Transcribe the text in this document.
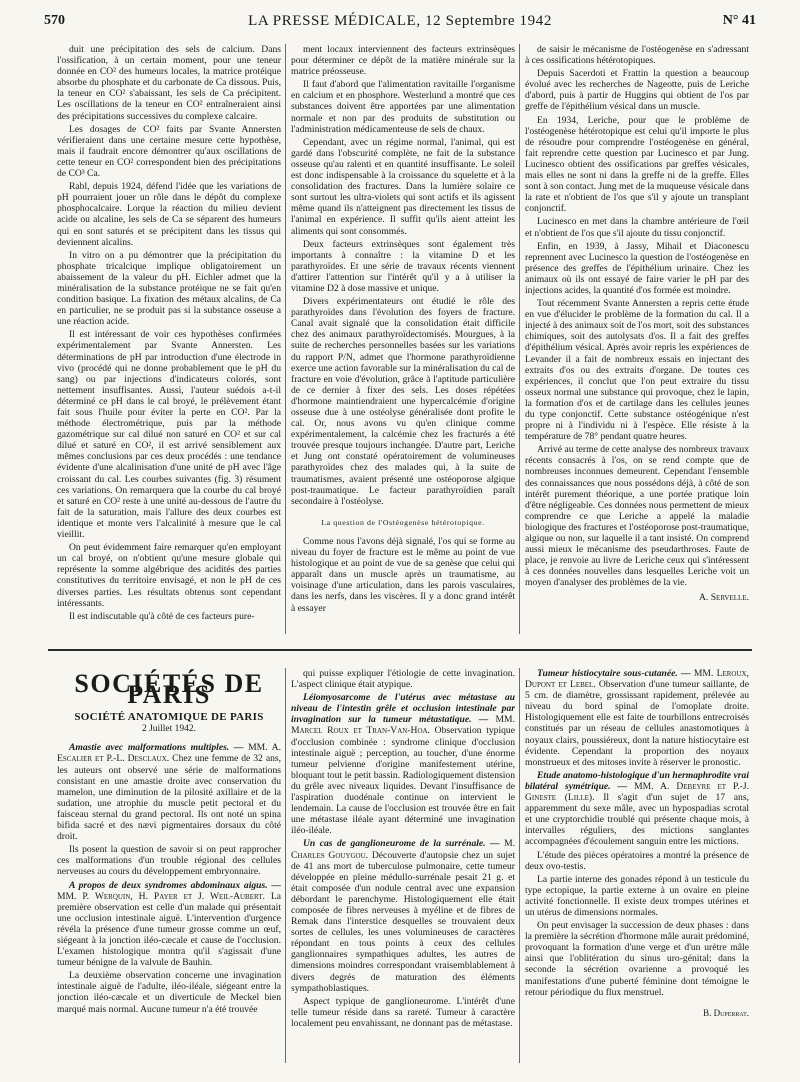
570	LA PRESSE MÉDICALE, 12 Septembre 1942	N° 41

duit une précipitation des sels de calcium. Dans l'ossification, à un certain moment, pour une teneur donnée en CO² des humeurs locales, la matrice protéique absorbe du phosphate et du carbonate de Ca dissous. Puis, la teneur en CO² s'abaissant, les sels de Ca précipitent. Les oscillations de la teneur en CO² entraîneraient ainsi des précipitations successives du complexe calcaire.

Les dosages de CO² faits par Svante Annersten vérifieraient dans une certaine mesure cette hypothèse, mais il faudrait encore démontrer qu'aux oscillations de cette teneur en CO² correspondent bien des précipitations de CO³ Ca.

Rabl, depuis 1924, défend l'idée que les variations de pH pourraient jouer un rôle dans le dépôt du complexe phosphocalcaire. Lorque la réaction du milieu devient acide ou alcaline, les sels de Ca se séparent des humeurs qui en sont saturés et se précipitent dans les tissus qui deviennent alcalins.

In vitro on a pu démontrer que la précipitation du phosphate tricalcique implique obligatoirement un abaissement de la valeur du pH. Eichler admet que la minéralisation de la substance protéique ne se fait qu'en condition basique. La fixation des métaux alcalins, de Ca en particulier, ne se produit pas si la substance osseuse a une réaction acide.

Il est intéressant de voir ces hypothèses confirmées expérimentalement par Svante Annersten. Les déterminations de pH par introduction d'une électrode in vivo (procédé qui ne donne probablement que le pH du sang) ou par injections d'indicateurs colorés, sont nettement insuffisantes. Aussi, l'auteur suédois a-t-il déterminé ce pH dans le cal broyé, le prélèvement étant fait sous l'huile pour éviter la perte en CO². Par la méthode électrométrique, puis par la méthode gazométrique sur cal dilué non saturé en CO² et sur cal dilué et saturé en CO², il est arrivé sensiblement aux mêmes conclusions par ces deux procédés : une tendance évidente d'une alcalinisation d'une unité de pH avec l'âge croissant du cal. Les courbes suivantes (fig. 3) résument ces variations. On remarquera que la courbe du cal broyé et saturé en CO² reste à une unité au-dessous de l'autre du fait de la saturation, mais l'allure des deux courbes est identique et monte vers l'alcalinité à mesure que le cal vieillit.

On peut évidemment faire remarquer qu'en employant un cal broyé, on n'obtient qu'une mesure globale qui représente la somme algébrique des acidités des parties constitutives du territoire envisagé, et non le pH de ces diverses parties. Les résultats obtenus sont cependant intéressants.

Il est indiscutable qu'à côté de ces facteurs pure-

ment locaux interviennent des facteurs extrinsèques pour déterminer ce dépôt de la matière minérale sur la matrice préosseuse.

Il faut d'abord que l'alimentation ravitaille l'organisme en calcium et en phosphore. Westerlund a montré que ces substances doivent être apportées par une alimentation normale et non par des produits de substitution ou l'administration médicamenteuse de sels de chaux.

Cependant, avec un régime normal, l'animal, qui est gardé dans l'obscurité complète, ne fait de la substance osseuse qu'au ralenti et en quantité insuffisante. Le soleil est donc indispensable à la croissance du squelette et à la consolidation des fractures. Dans la lumière solaire ce sont surtout les ultra-violets qui sont actifs et ils agissent même quand ils n'atteignent pas directement les tissus de l'animal en expérience. Il suffit qu'ils aient atteint les aliments qui sont consommés.

Deux facteurs extrinsèques sont également très importants à connaître : la vitamine D et les parathyroïdes. Et une série de travaux récents viennent d'attirer l'attention sur l'intérêt qu'il y a à utiliser la vitamine D2 à dose massive et unique.

Divers expérimentateurs ont étudié le rôle des parathyroïdes dans l'évolution des foyers de fracture. Canal avait signalé que la consolidation était difficile chez des animaux parathyroïdectomisés. Mourgues, à la suite de recherches personnelles basées sur les variations du rapport P/N, admet que l'hormone parathyroïdienne exerce une action favorable sur la minéralisation du cal de fracture en voie d'évolution, grâce à l'aptitude particulière de ce dernier à fixer des sels. Les doses répétées d'hormone maintiendraient une hypercalcémie d'origine osseuse due à une ostéolyse généralisée dont profite le cal. Or, nous avons vu qu'en clinique comme expérimentalement, la calcémie chez les fracturés a été trouvée presque toujours inchangée. D'autre part, Leriche et Jung ont constaté opératoirement de volumineuses parathyroïdes chez des malades qui, à la suite de traumatismes, avaient présenté une ostéoporose algique post-traumatique. Le facteur parathyroïdien paraît secondaire à l'ostéolyse.

La question de l'Ostéogenèse hétérotopique.

Comme nous l'avons déjà signalé, l'os qui se forme au niveau du foyer de fracture est le même au point de vue histologique et au point de vue de sa genèse que celui qui apparaît dans un muscle après un traumatisme, au voisinage d'une articulation, dans les parois vasculaires, dans les nerfs, dans les viscères. Il y a donc grand intérêt à essayer

de saisir le mécanisme de l'ostéogenèse en s'adressant à ces ossifications hétérotopiques.

Depuis Sacerdoti et Frattin la question a beaucoup évolué avec les recherches de Nageotte, puis de Leriche d'abord, puis à partir de Huggins qui obtient de l'os par greffe de l'épithélium vésical dans un muscle.

En 1934, Leriche, pour que le problème de l'ostéogenèse hétérotopique est celui qu'il importe le plus de résoudre pour comprendre l'ostéogenèse en général, fait reprendre cette question par Lucinesco et par Jung. Lucinesco obtient des ossifications par greffes vésicales, mais elles ne sont ni dans la greffe ni de la greffe. Elles sont à son contact. Jung met de la muqueuse vésicale dans la rate et n'obtient de l'os que s'il y ajoute un transplant conjonctif.

Lucinesco en met dans la chambre antérieure de l'œil et n'obtient de l'os que s'il ajoute du tissu conjonctif.

Enfin, en 1939, à Jassy, Mihail et Diaconescu reprennent avec Lucinesco la question de l'ostéogenèse en présence des greffes de l'épithélium urinaire. Chez les animaux où ils ont essayé de faire varier le pH par des injections acides, la quantité d'os formée est moindre.

Tout récemment Svante Annersten a repris cette étude en vue d'élucider le problème de la formation du cal. Il a injecté à des animaux soit de l'os mort, soit des substances chimiques, soit des autolysats d'os. Il a fait des greffes d'épithélium vésical. Après avoir repris les expériences de Levander il a fait de nombreux essais en injectant des extraits d'os ou des extraits d'organe. De toutes ces expériences, il conclut que l'on peut extraire du tissu osseux normal une substance qui provoque, chez le lapin, la formation d'os et de cartilage dans les cellules jeunes du type conjonctif. Cette substance ostéogénique n'est propre ni à l'individu ni à l'espèce. Elle résiste à la température de 78° pendant quatre heures.

Arrivé au terme de cette analyse des nombreux travaux récents consacrés à l'os, on se rend compte que de nombreuses inconnues demeurent. Cependant l'ensemble des connaissances que nous possédons déjà, à côté de son intérêt purement théorique, a une portée pratique loin d'être négligeable. Ces données nous permettent de mieux comprendre ce que Leriche a appelé la maladie biologique des fractures et l'ostéoporose post-traumatique, algique ou non, sur laquelle il a tant insisté. On comprend aussi mieux le mécanisme des pseudarthroses. Faute de place, je renvoie au livre de Leriche ceux qui s'intéressent à ces données nouvelles dans lesquelles Leriche voit un moyen d'analyser des problèmes de la vie.

A. Servelle.

SOCIÉTÉS DE PARIS
SOCIÉTÉ ANATOMIQUE DE PARIS
2 Juillet 1942.

Amastie avec malformations multiples. — MM. A. Escalier et P.-L. Desclaux. Chez une femme de 32 ans, les auteurs ont observé une série de malformations consistant en une amastie droite avec conservation du mamelon, une diminution de la pilosité axillaire et de la sudation, une atrophie du muscle petit pectoral et du faisceau sternal du grand pectoral. Ils ont noté un spina bifida sacré et des nævi pigmentaires dorsaux du côté droit.

Ils posent la question de savoir si on peut rapprocher ces malformations d'un trouble régional des cellules nerveuses au cours du développement embryonnaire.

A propos de deux syndromes abdominaux aigus. — MM. P. Werquin, H. Payer et J. Weil-Aubert. La première observation est celle d'un malade qui présentait une occlusion intestinale aiguë. L'intervention d'urgence révéla la présence d'une tumeur grosse comme un œuf, siégeant à la jonction iléo-cæcale et cause de l'occlusion. L'examen histologique montra qu'il s'agissait d'une tumeur bénigne de la valvule de Bauhin.

La deuxième observation concerne une invagination intestinale aiguë de l'adulte, iléo-iléale, siégeant entre la jonction iléo-cæcale et un diverticule de Meckel bien marqué mais normal. Aucune tumeur n'a été trouvée

qui puisse expliquer l'étiologie de cette invagination. L'aspect clinique était atypique.

Léiomyosarcome de l'utérus avec métastase au niveau de l'intestin grêle et occlusion intestinale par invagination sur la tumeur métastatique. — MM. Marcel Roux et Tran-Van-Hoa. Observation typique d'occlusion combinée : syndrome clinique d'occlusion intestinale aiguë ; perception, au toucher, d'une énorme tumeur pelvienne d'origine manifestement utérine, bloquant tout le petit bassin. Radiologiquement distension du grêle avec niveaux liquides. Devant l'insuffisance de l'aspiration duodénale continue on intervient le lendemain. La cause de l'occlusion est trouvée être en fait une métastase iléale ayant déterminé une invagination iléo-iléale.

Un cas de ganglioneurome de la surrénale. — M. Charles Gouygou. Découverte d'autopsie chez un sujet de 41 ans mort de tuberculose pulmonaire, cette tumeur développée en pleine médullo-surrénale pesait 21 g. et était composée d'un nodule central avec une expansion débordant le parenchyme. Histologiquement elle était composée de fibres nerveuses à myéline et de fibres de Remak dans l'interstice desquelles se trouvaient deux sortes de cellules, les unes volumineuses de caractères répondant en tous points à ceux des cellules ganglionnaires sympathiques adultes, les autres de dimensions moindres correspondant vraisemblablement à divers degrés de maturation des éléments sympathoblastiques.

Aspect typique de ganglioneurome. L'intérêt d'une telle tumeur réside dans sa rareté. Tumeur à caractère localement peu envahissant, ne donnant pas de métastase.

Tumeur histiocytaire sous-cutanée. — MM. Leroux, Dupont et Lebel. Observation d'une tumeur saillante, de 5 cm. de diamètre, grossissant rapidement, prélevée au niveau du bord spinal de l'omoplate droite. Histologiquement elle est faite de tourbillons entrecroisés constitués par un réseau de cellules anastomotiques à noyaux clairs, poussiéreux, dont la nature histiocytaire est évidente. Cependant la proportion des noyaux monstrueux et des mitoses invite à réserver le pronostic.

Etude anatomo-histologique d'un hermaphrodite vrai bilatéral symétrique. — MM. A. Debeyre et P.-J. Gineste (Lille). Il s'agit d'un sujet de 17 ans, apparemment du sexe mâle, avec un hypospadias scrotal et une cryptorchidie troublé qui présente chaque mois, à intervalles réguliers, des mictions sanglantes accompagnées d'écoulement sanguin entre les mictions.

L'étude des pièces opératoires a montré la présence de deux ovo-testis.

La partie interne des gonades répond à un testicule du type ectopique, la partie externe à un ovaire en pleine activité fonctionnelle. Il existe deux trompes utérines et un utérus de dimensions normales.

On peut envisager la succession de deux phases : dans la première la sécrétion d'hormone mâle aurait prédominé, provoquant la formation d'une verge et d'un urètre mâle ainsi que l'oblitération du sinus uro-génital; dans la seconde la sécrétion ovarienne a provoqué les manifestations d'une puberté féminine dont témoigne le retour périodique du flux menstruel.

B. Duperrat.
